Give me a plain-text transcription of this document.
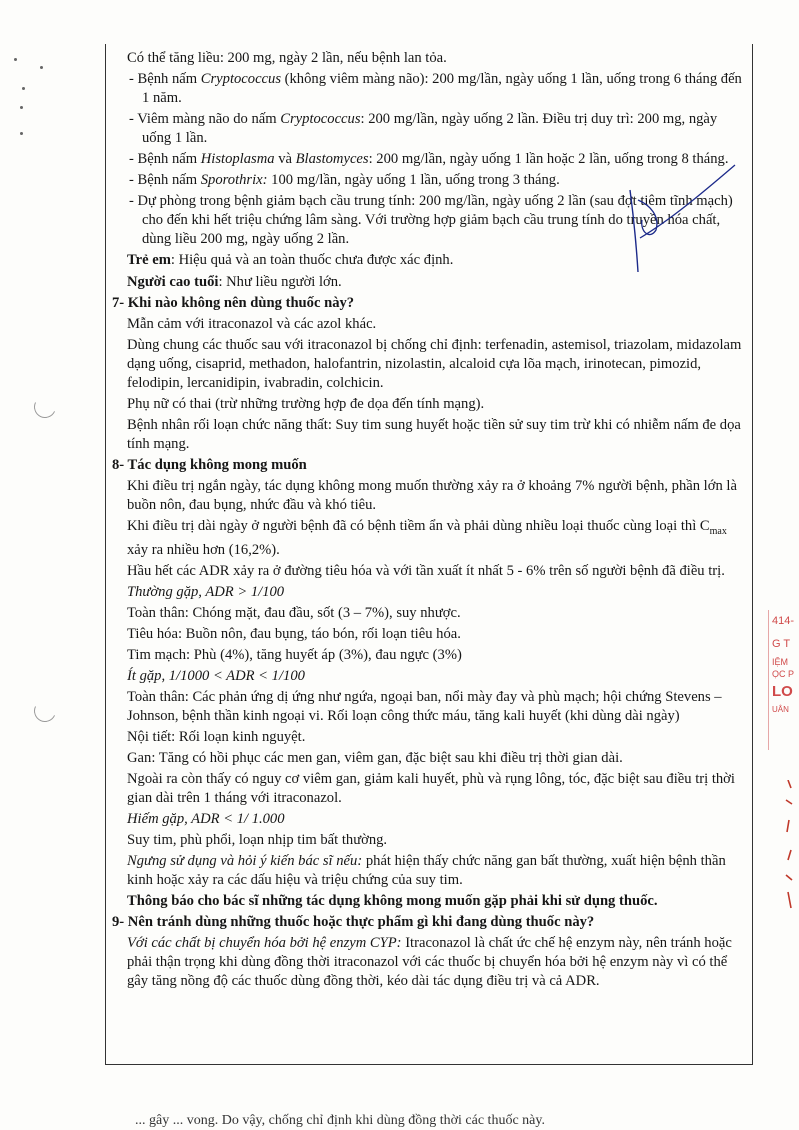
Có thể tăng liều: 200 mg, ngày 2 lần, nếu bệnh lan tỏa.

- Bệnh nấm Cryptococcus (không viêm màng não): 200 mg/lần, ngày uống 1 lần, uống trong 6 tháng đến 1 năm.

- Viêm màng não do nấm Cryptococcus: 200 mg/lần, ngày uống 2 lần. Điều trị duy trì: 200 mg, ngày uống 1 lần.

- Bệnh nấm Histoplasma và Blastomyces: 200 mg/lần, ngày uống 1 lần hoặc 2 lần, uống trong 8 tháng.

- Bệnh nấm Sporothrix: 100 mg/lần, ngày uống 1 lần, uống trong 3 tháng.

- Dự phòng trong bệnh giảm bạch cầu trung tính: 200 mg/lần, ngày uống 2 lần (sau đợt tiêm tĩnh mạch) cho đến khi hết triệu chứng lâm sàng. Với trường hợp giảm bạch cầu trung tính do truyền hóa chất, dùng liều 200 mg, ngày uống 2 lần.

Trẻ em: Hiệu quả và an toàn thuốc chưa được xác định.

Người cao tuổi: Như liều người lớn.

7- Khi nào không nên dùng thuốc này?

Mẫn cảm với itraconazol và các azol khác.

Dùng chung các thuốc sau với itraconazol bị chống chỉ định: terfenadin, astemisol, triazolam, midazolam dạng uống, cisaprid, methadon, halofantrin, nizolastin, alcaloid cựa lõa mạch, irinotecan, pimozid, felodipin, lercanidipin, ivabradin, colchicin.

Phụ nữ có thai (trừ những trường hợp đe dọa đến tính mạng).

Bệnh nhân rối loạn chức năng thất: Suy tim sung huyết hoặc tiền sử suy tim trừ khi có nhiễm nấm đe dọa tính mạng.

8- Tác dụng không mong muốn

Khi điều trị ngắn ngày, tác dụng không mong muốn thường xảy ra ở khoảng 7% người bệnh, phần lớn là buồn nôn, đau bụng, nhức đầu và khó tiêu.

Khi điều trị dài ngày ở người bệnh đã có bệnh tiềm ẩn và phải dùng nhiều loại thuốc cùng loại thì $C_{max}$ xảy ra nhiều hơn (16,2%).

Hầu hết các ADR xảy ra ở đường tiêu hóa và với tần xuất ít nhất 5 - 6% trên số người bệnh đã điều trị.

Thường gặp, ADR > 1/100

Toàn thân: Chóng mặt, đau đầu, sốt (3 – 7%), suy nhược.

Tiêu hóa: Buồn nôn, đau bụng, táo bón, rối loạn tiêu hóa.

Tim mạch: Phù (4%), tăng huyết áp (3%), đau ngực (3%)

Ít gặp, 1/1000 < ADR < 1/100

Toàn thân: Các phản ứng dị ứng như ngứa, ngoại ban, nổi mày đay và phù mạch; hội chứng Stevens – Johnson, bệnh thần kinh ngoại vi. Rối loạn công thức máu, tăng kali huyết (khi dùng dài ngày)

Nội tiết: Rối loạn kinh nguyệt.

Gan: Tăng có hồi phục các men gan, viêm gan, đặc biệt sau khi điều trị thời gian dài.

Ngoài ra còn thấy có nguy cơ viêm gan, giảm kali huyết, phù và rụng lông, tóc, đặc biệt sau điều trị thời gian dài trên 1 tháng với itraconazol.

Hiếm gặp, ADR < 1/ 1.000

Suy tim, phù phổi, loạn nhịp tim bất thường.

Ngưng sử dụng và hỏi ý kiến bác sĩ nếu: phát hiện thấy chức năng gan bất thường, xuất hiện bệnh thần kinh hoặc xảy ra các dấu hiệu và triệu chứng của suy tim.

Thông báo cho bác sĩ những tác dụng không mong muốn gặp phải khi sử dụng thuốc.

9- Nên tránh dùng những thuốc hoặc thực phẩm gì khi đang dùng thuốc này?

Với các chất bị chuyển hóa bởi hệ enzym CYP: Itraconazol là chất ức chế hệ enzym này, nên tránh hoặc phải thận trọng khi dùng đồng thời itraconazol với các thuốc bị chuyển hóa bởi hệ enzym này vì có thể gây tăng nồng độ các thuốc dùng đồng thời, kéo dài tác dụng điều trị và cả ADR.

414-
G T
IỆM
ỌC P
LO
UÂN
... gây ... vong. Do vậy, chống chỉ định khi dùng đồng thời các thuốc này.
